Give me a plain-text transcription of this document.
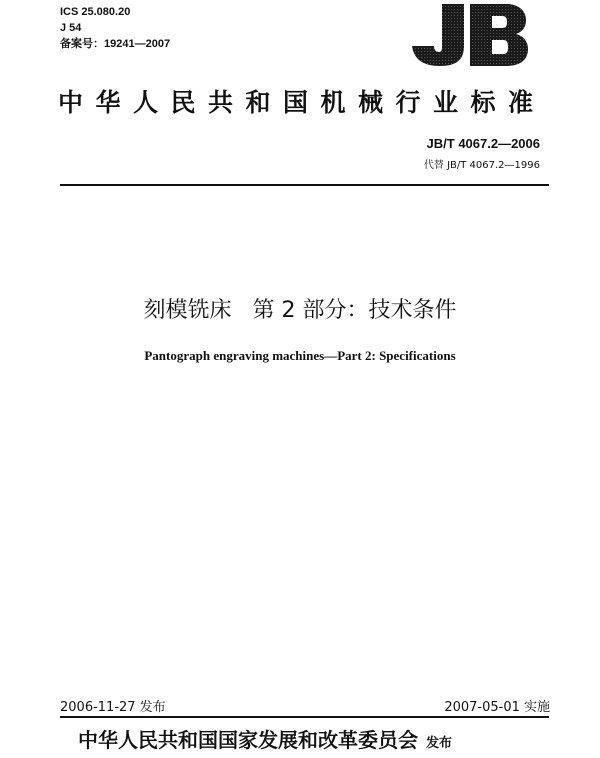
ICS 25.080.20
J 54
备案号：19241—2007
中华人民共和国机械行业标准
JB/T 4067.2—2006
代替 JB/T 4067.2—1996
刻模铣床   第 2 部分：技术条件
Pantograph engraving machines—Part 2: Specifications
2006-11-27 发布	2007-05-01 实施
中华人民共和国国家发展和改革委员会 发布
